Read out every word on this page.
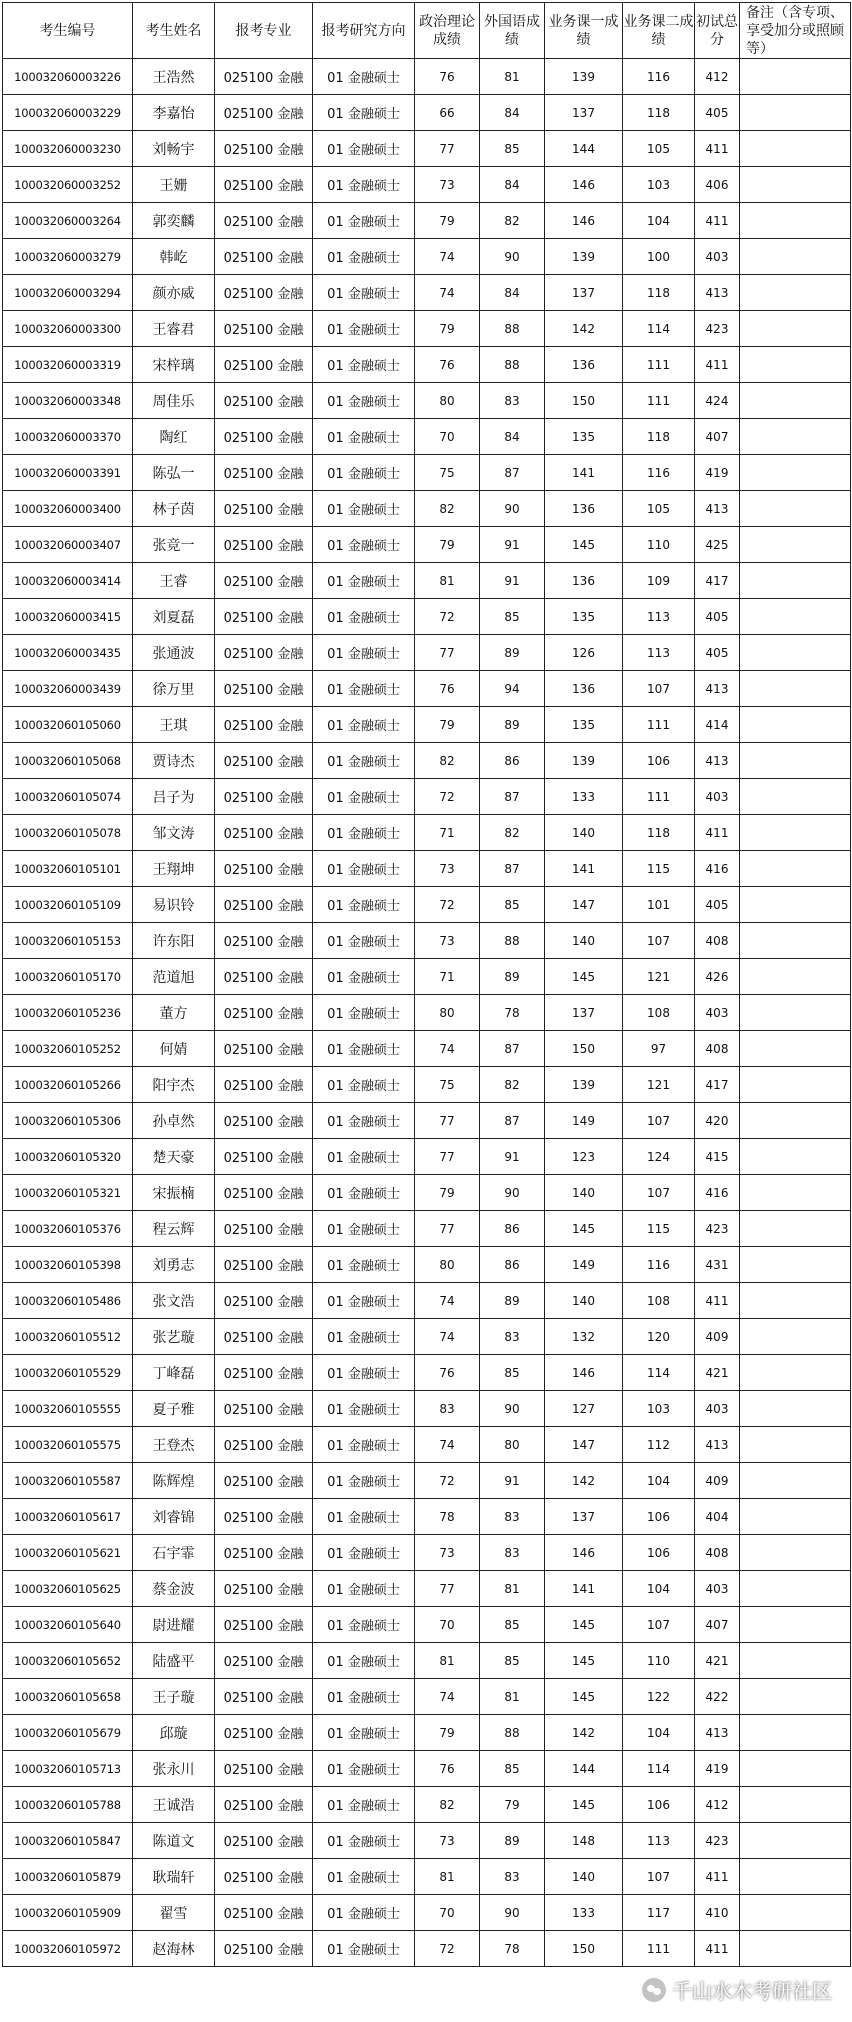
考生编号	考生姓名	报考专业	报考研究方向	政治理论成绩	外国语成绩	业务课一成绩	业务课二成绩	初试总分	备注（含专项、享受加分或照顾等）
100032060003226	王浩然	025100 金融	01 金融硕士	76	81	139	116	412	
100032060003229	李嘉怡	025100 金融	01 金融硕士	66	84	137	118	405	
100032060003230	刘畅宇	025100 金融	01 金融硕士	77	85	144	105	411	
100032060003252	王姗	025100 金融	01 金融硕士	73	84	146	103	406	
100032060003264	郭奕麟	025100 金融	01 金融硕士	79	82	146	104	411	
100032060003279	韩屹	025100 金融	01 金融硕士	74	90	139	100	403	
100032060003294	颜亦威	025100 金融	01 金融硕士	74	84	137	118	413	
100032060003300	王睿君	025100 金融	01 金融硕士	79	88	142	114	423	
100032060003319	宋梓璃	025100 金融	01 金融硕士	76	88	136	111	411	
100032060003348	周佳乐	025100 金融	01 金融硕士	80	83	150	111	424	
100032060003370	陶红	025100 金融	01 金融硕士	70	84	135	118	407	
100032060003391	陈弘一	025100 金融	01 金融硕士	75	87	141	116	419	
100032060003400	林子茵	025100 金融	01 金融硕士	82	90	136	105	413	
100032060003407	张竞一	025100 金融	01 金融硕士	79	91	145	110	425	
100032060003414	王睿	025100 金融	01 金融硕士	81	91	136	109	417	
100032060003415	刘夏磊	025100 金融	01 金融硕士	72	85	135	113	405	
100032060003435	张通波	025100 金融	01 金融硕士	77	89	126	113	405	
100032060003439	徐万里	025100 金融	01 金融硕士	76	94	136	107	413	
100032060105060	王琪	025100 金融	01 金融硕士	79	89	135	111	414	
100032060105068	贾诗杰	025100 金融	01 金融硕士	82	86	139	106	413	
100032060105074	吕子为	025100 金融	01 金融硕士	72	87	133	111	403	
100032060105078	邹文涛	025100 金融	01 金融硕士	71	82	140	118	411	
100032060105101	王翔坤	025100 金融	01 金融硕士	73	87	141	115	416	
100032060105109	易识铃	025100 金融	01 金融硕士	72	85	147	101	405	
100032060105153	许东阳	025100 金融	01 金融硕士	73	88	140	107	408	
100032060105170	范道旭	025100 金融	01 金融硕士	71	89	145	121	426	
100032060105236	董方	025100 金融	01 金融硕士	80	78	137	108	403	
100032060105252	何婧	025100 金融	01 金融硕士	74	87	150	97	408	
100032060105266	阳宇杰	025100 金融	01 金融硕士	75	82	139	121	417	
100032060105306	孙卓然	025100 金融	01 金融硕士	77	87	149	107	420	
100032060105320	楚天豪	025100 金融	01 金融硕士	77	91	123	124	415	
100032060105321	宋振楠	025100 金融	01 金融硕士	79	90	140	107	416	
100032060105376	程云辉	025100 金融	01 金融硕士	77	86	145	115	423	
100032060105398	刘勇志	025100 金融	01 金融硕士	80	86	149	116	431	
100032060105486	张文浩	025100 金融	01 金融硕士	74	89	140	108	411	
100032060105512	张艺璇	025100 金融	01 金融硕士	74	83	132	120	409	
100032060105529	丁峰磊	025100 金融	01 金融硕士	76	85	146	114	421	
100032060105555	夏子雅	025100 金融	01 金融硕士	83	90	127	103	403	
100032060105575	王登杰	025100 金融	01 金融硕士	74	80	147	112	413	
100032060105587	陈辉煌	025100 金融	01 金融硕士	72	91	142	104	409	
100032060105617	刘睿锦	025100 金融	01 金融硕士	78	83	137	106	404	
100032060105621	石宇霏	025100 金融	01 金融硕士	73	83	146	106	408	
100032060105625	蔡金波	025100 金融	01 金融硕士	77	81	141	104	403	
100032060105640	尉进耀	025100 金融	01 金融硕士	70	85	145	107	407	
100032060105652	陆盛平	025100 金融	01 金融硕士	81	85	145	110	421	
100032060105658	王子璇	025100 金融	01 金融硕士	74	81	145	122	422	
100032060105679	邱璇	025100 金融	01 金融硕士	79	88	142	104	413	
100032060105713	张永川	025100 金融	01 金融硕士	76	85	144	114	419	
100032060105788	王诚浩	025100 金融	01 金融硕士	82	79	145	106	412	
100032060105847	陈道文	025100 金融	01 金融硕士	73	89	148	113	423	
100032060105879	耿瑞轩	025100 金融	01 金融硕士	81	83	140	107	411	
100032060105909	翟雪	025100 金融	01 金融硕士	70	90	133	117	410	
100032060105972	赵海林	025100 金融	01 金融硕士	72	78	150	111	411	
千山水木考研社区
